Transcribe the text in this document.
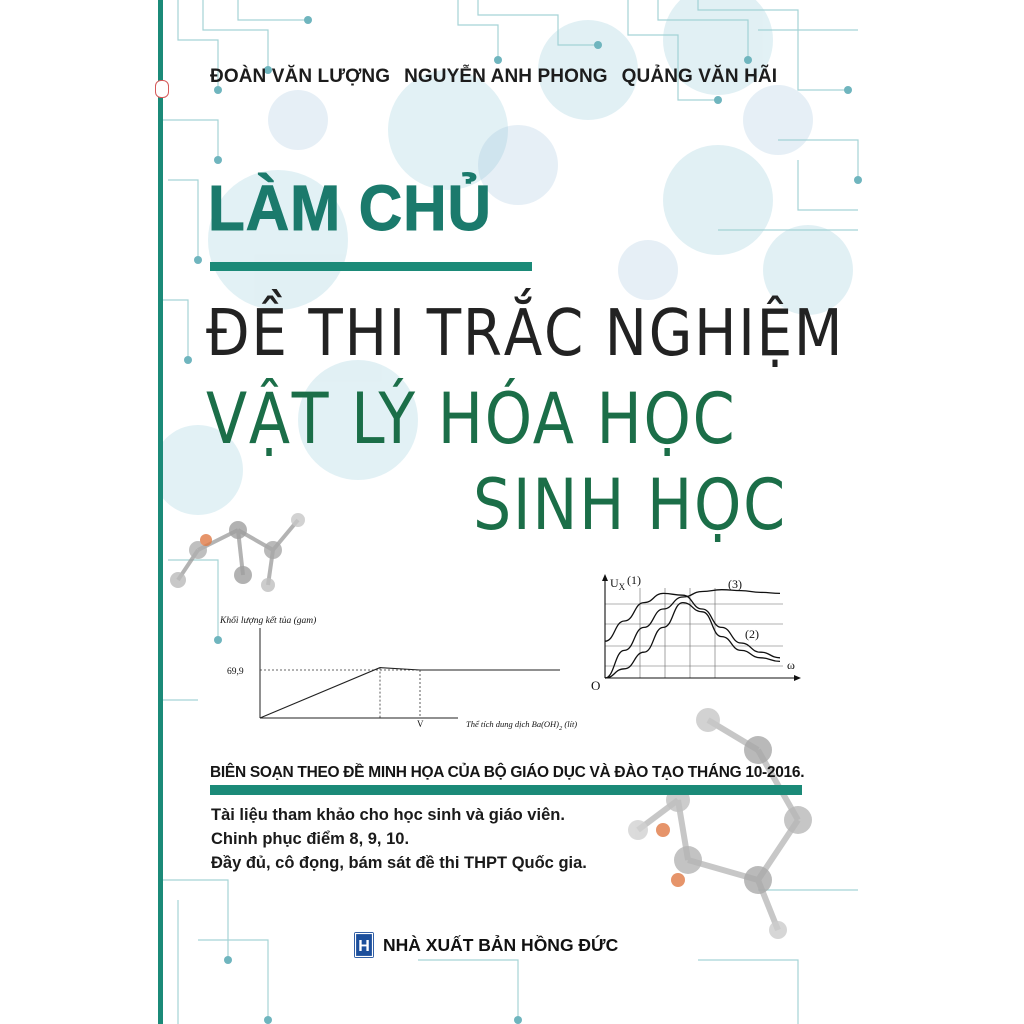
ĐOÀN VĂN LƯỢNG NGUYỄN ANH PHONG QUẢNG VĂN HÃI
LÀM CHỦ
ĐỀ THI TRẮC NGHIỆM
VẬT LÝ HÓA HỌC
SINH HỌC
Khối lượng kết tủa (gam)
69,9
V	Thể tích dung dịch $Ba(OH)_2$ (lít)
$U_X$
O
ω
(1)
(2)
(3)
BIÊN SOẠN THEO ĐỀ MINH HỌA CỦA BỘ GIÁO DỤC VÀ ĐÀO TẠO THÁNG 10-2016.
Tài liệu tham khảo cho học sinh và giáo viên.
Chinh phục điểm 8, 9, 10.
Đầy đủ, cô đọng, bám sát đề thi THPT Quốc gia.
H NHÀ XUẤT BẢN HỒNG ĐỨC
